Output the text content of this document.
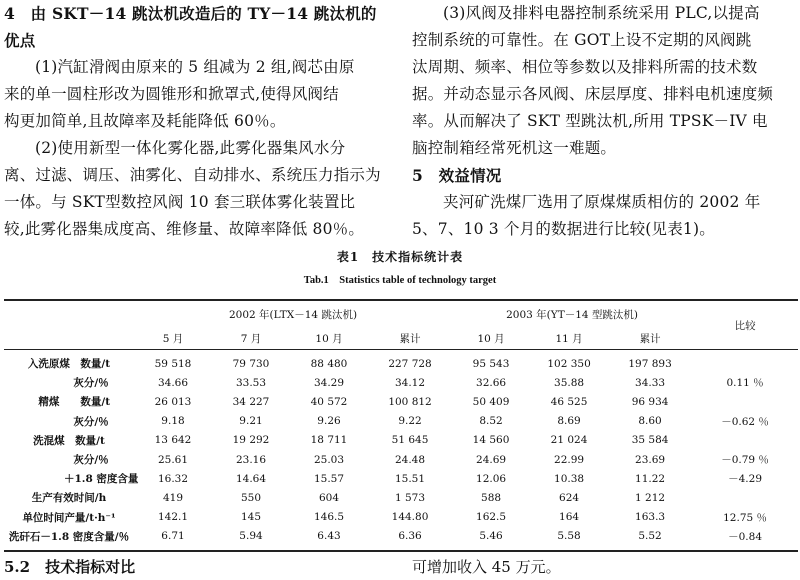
4　由 SKT－14 跳汰机改造后的 TY－14 跳汰机的
优点
(1)汽缸滑阀由原来的 5 组减为 2 组,阀芯由原
来的单一圆柱形改为圆锥形和掀罩式,使得风阀结
构更加简单,且故障率及耗能降低 60％。
(2)使用新型一体化雾化器,此雾化器集风水分
离、过滤、调压、油雾化、自动排水、系统压力指示为
一体。与 SKT型数控风阀 10 套三联体雾化装置比
较,此雾化器集成度高、维修量、故障率降低 80％。
(3)风阀及排料电器控制系统采用 PLC,以提高
控制系统的可靠性。在 GOT上设不定期的风阀跳
汰周期、频率、相位等参数以及排料所需的技术数
据。并动态显示各风阀、床层厚度、排料电机速度频
率。从而解决了 SKT 型跳汰机,所用 TPSK－IV 电
脑控制箱经常死机这一难题。
5　效益情况
夹河矿洗煤厂选用了原煤煤质相仿的 2002 年
5、7、10 3 个月的数据进行比较(见表1)。
表1　技术指标统计表
Tab.1　Statistics table of technology target
	2002 年(LTX－14 跳汰机)				2003 年(YT－14 型跳汰机)			比较
	5 月	7 月	10 月	累计	10 月	11 月	累计	

入洗原煤　 数量/t	59 518	79 730	88 480	227 728	95 543	102 350	197 893	
灰分/％	34.66	33.53	34.29	34.12	32.66	35.88	34.33	0.11 ％
　精煤　　 数量/t	26 013	34 227	40 572	100 812	50 409	46 525	96 934	
灰分/％	9.18	9.21	9.26	9.22	8.52	8.69	8.60	－0.62 ％
洗混煤　 数量/t	13 642	19 292	18 711	51 645	14 560	21 024	35 584	
灰分/％	25.61	23.16	25.03	24.48	24.69	22.99	23.69	－0.79 ％
＋1.8 密度含量	16.32	14.64	15.57	15.51	12.06	10.38	11.22	－4.29
生产有效时间/h	419	550	604	1 573	588	624	1 212	
单位时间产量/t·h⁻¹	142.1	145	146.5	144.80	162.5	164	163.3	12.75 ％
洗矸石－1.8 密度含量/％	6.71	5.94	6.43	6.36	5.46	5.58	5.52	－0.84
5.2　技术指标对比	可增加收入 45 万元。
